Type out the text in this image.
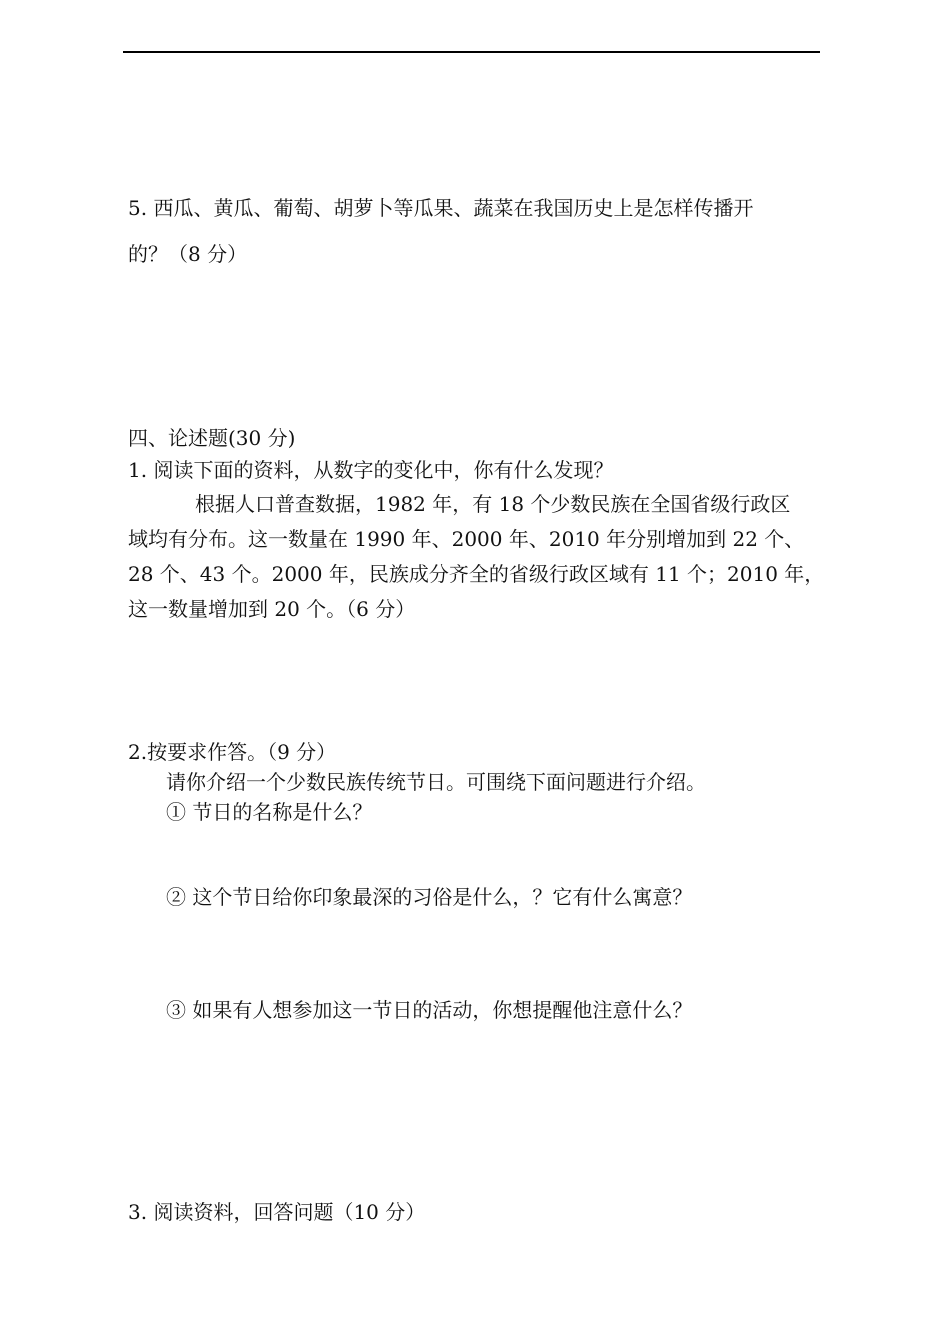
5. 西瓜、黄瓜、葡萄、胡萝卜等瓜果、蔬菜在我国历史上是怎样传播开
的？（8 分）
四、论述题(30 分)
1. 阅读下面的资料，从数字的变化中，你有什么发现？
根据人口普查数据，1982 年，有 18 个少数民族在全国省级行政区
域均有分布。这一数量在 1990 年、2000 年、2010 年分别增加到 22 个、
28 个、43 个。2000 年，民族成分齐全的省级行政区域有 11 个；2010 年，
这一数量增加到 20 个。（6 分）
2.按要求作答。（9 分）
请你介绍一个少数民族传统节日。可围绕下面问题进行介绍。
① 节日的名称是什么？
② 这个节日给你印象最深的习俗是什么，？它有什么寓意？
③ 如果有人想参加这一节日的活动，你想提醒他注意什么？
3. 阅读资料，回答问题（10 分）
